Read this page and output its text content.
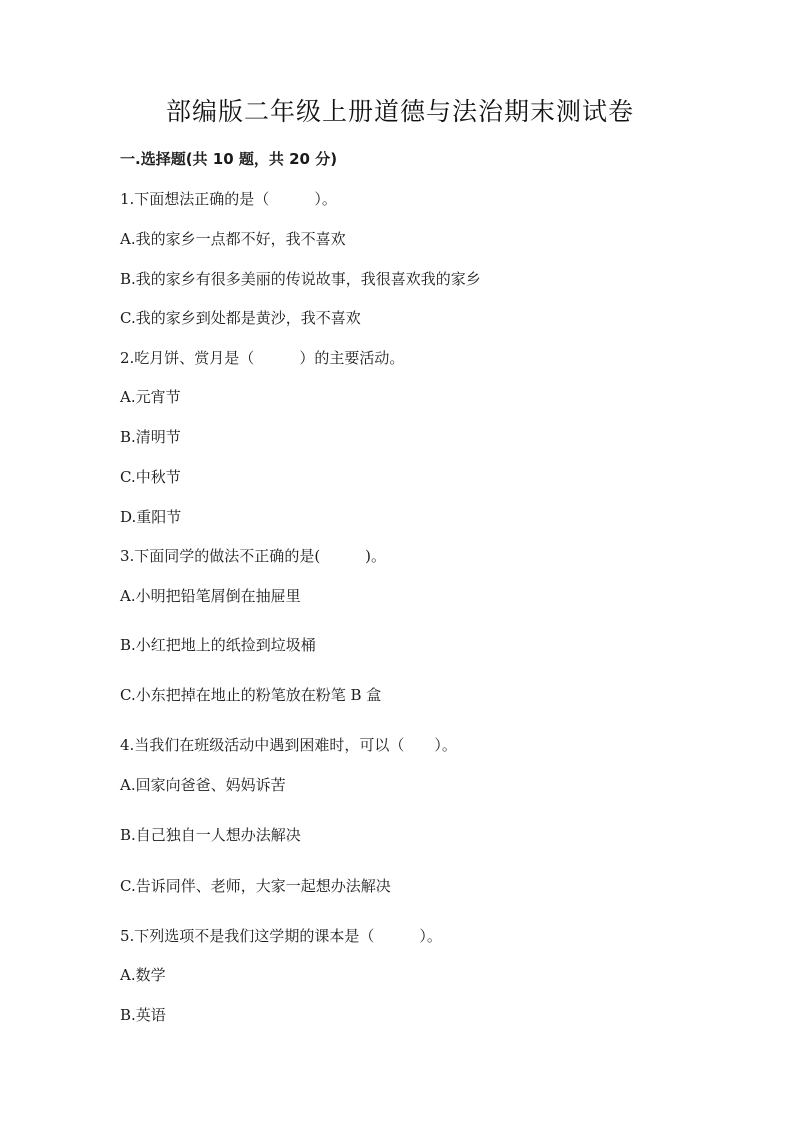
部编版二年级上册道德与法治期末测试卷
一.选择题(共 10 题，共 20 分)
1.下面想法正确的是（　　　）。
A.我的家乡一点都不好，我不喜欢
B.我的家乡有很多美丽的传说故事，我很喜欢我的家乡
C.我的家乡到处都是黄沙，我不喜欢
2.吃月饼、赏月是（　　　）的主要活动。
A.元宵节
B.清明节
C.中秋节
D.重阳节
3.下面同学的做法不正确的是(　　　)。
A.小明把铅笔屑倒在抽屉里
B.小红把地上的纸捡到垃圾桶
C.小东把掉在地止的粉笔放在粉笔 B 盒
4.当我们在班级活动中遇到困难时，可以（　　）。
A.回家向爸爸、妈妈诉苦
B.自己独自一人想办法解决
C.告诉同伴、老师，大家一起想办法解决
5.下列选项不是我们这学期的课本是（　　　）。
A.数学
B.英语
